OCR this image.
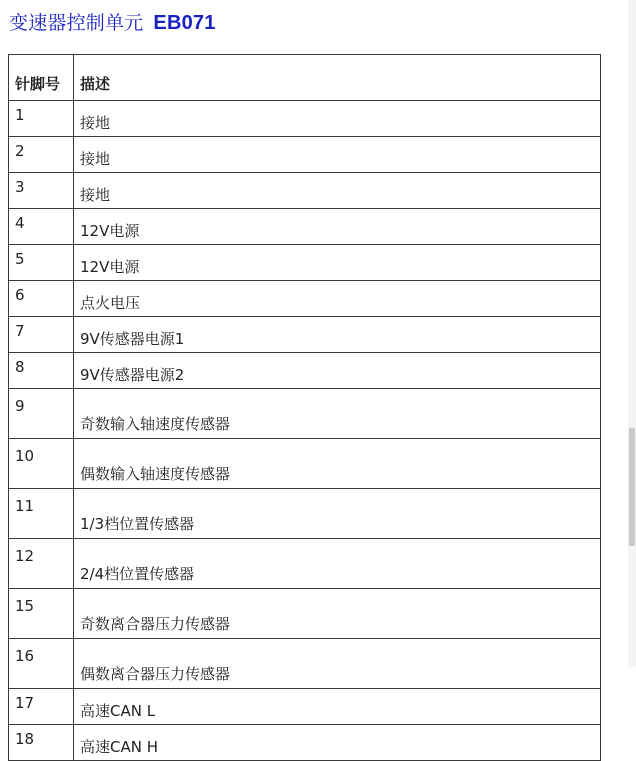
变速器控制单元 EB071
针脚号	描述
1	接地
2	接地
3	接地
4	12V电源
5	12V电源
6	点火电压
7	9V传感器电源1
8	9V传感器电源2
9	奇数输入轴速度传感器
10	偶数输入轴速度传感器
11	1/3档位置传感器
12	2/4档位置传感器
15	奇数离合器压力传感器
16	偶数离合器压力传感器
17	高速CAN L
18	高速CAN H
